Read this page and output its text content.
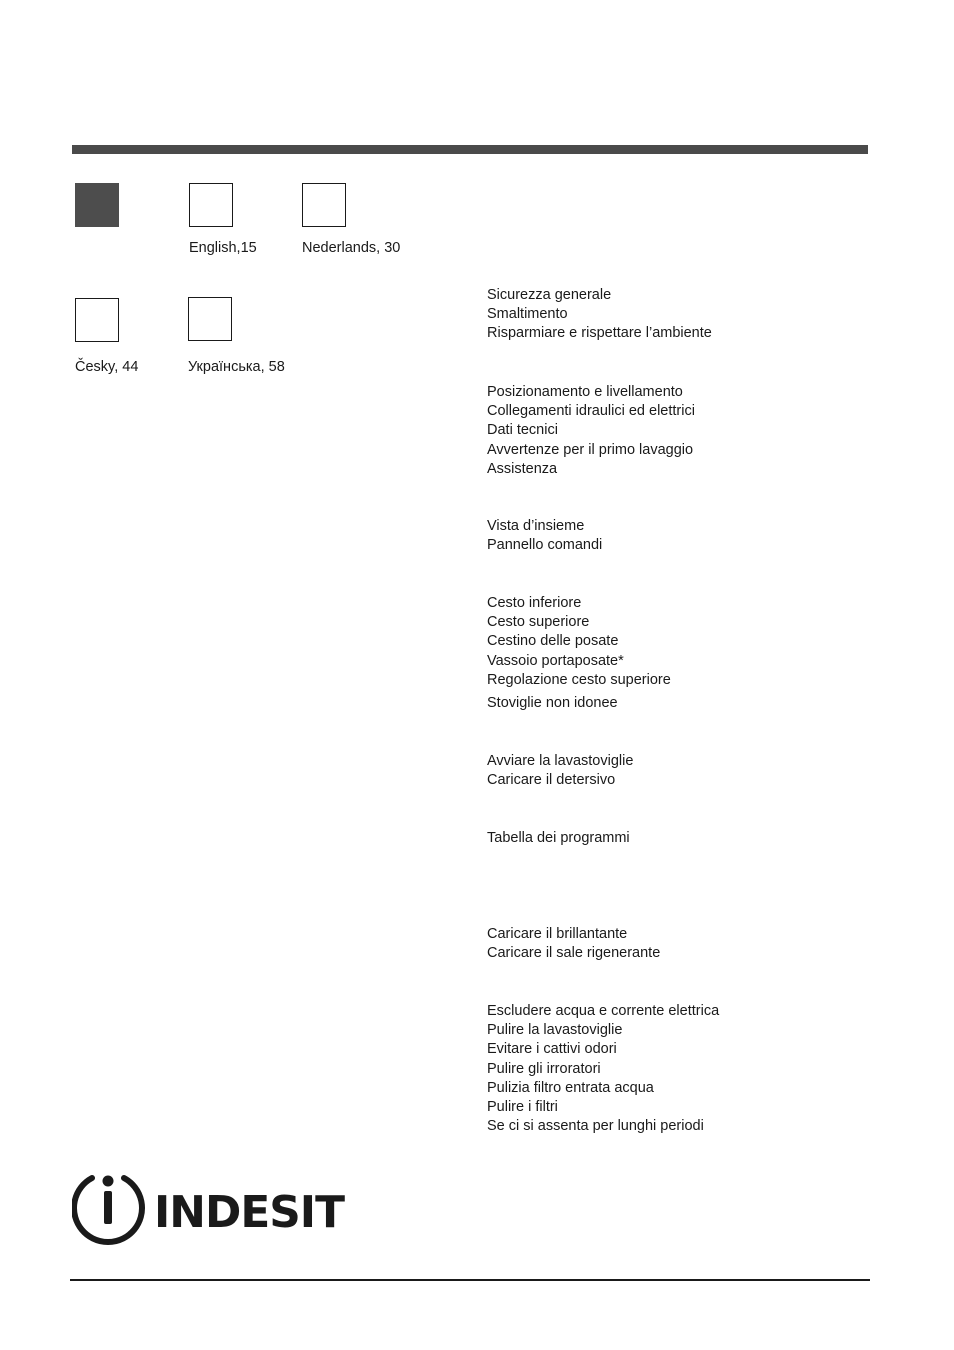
English,15	Nederlands, 30
Česky, 44	Українська, 58
Sicurezza generale
Smaltimento
Risparmiare e rispettare l’ambiente
Posizionamento e livellamento
Collegamenti idraulici ed elettrici
Dati tecnici
Avvertenze per il primo lavaggio
Assistenza
Vista d’insieme
Pannello comandi
Cesto inferiore
Cesto superiore
Cestino delle posate
Vassoio portaposate*
Regolazione cesto superiore
Stoviglie non idonee
Avviare la lavastoviglie
Caricare il detersivo
Tabella dei programmi
Caricare il brillantante
Caricare il sale rigenerante
Escludere acqua e corrente elettrica
Pulire la lavastoviglie
Evitare i cattivi odori
Pulire gli irroratori
Pulizia filtro entrata acqua
Pulire i filtri
Se ci si assenta per lunghi periodi
INDESIT
